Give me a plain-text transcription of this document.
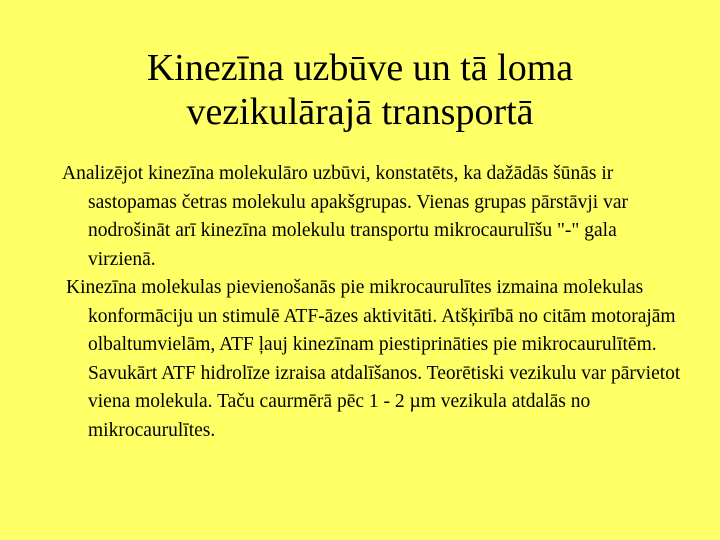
Kinezīna uzbūve un tā loma
vezikulārajā transportā

Analizējot kinezīna molekulāro uzbūvi, konstatēts, ka dažādās šūnās ir sastopamas četras molekulu apakšgrupas. Vienas grupas pārstāvji var nodrošināt arī kinezīna molekulu transportu mikrocaurulīšu "-" gala virzienā.

Kinezīna molekulas pievienošanās pie mikrocaurulītes izmaina molekulas konformāciju un stimulē ATF-āzes aktivitāti. Atšķirībā no citām motorajām olbaltumvielām, ATF ļauj kinezīnam piestiprināties pie mikrocaurulītēm. Savukārt ATF hidrolīze izraisa atdalīšanos. Teorētiski vezikulu var pārvietot viena molekula. Taču caurmērā pēc 1 - 2 µm vezikula atdalās no mikrocaurulītes.
